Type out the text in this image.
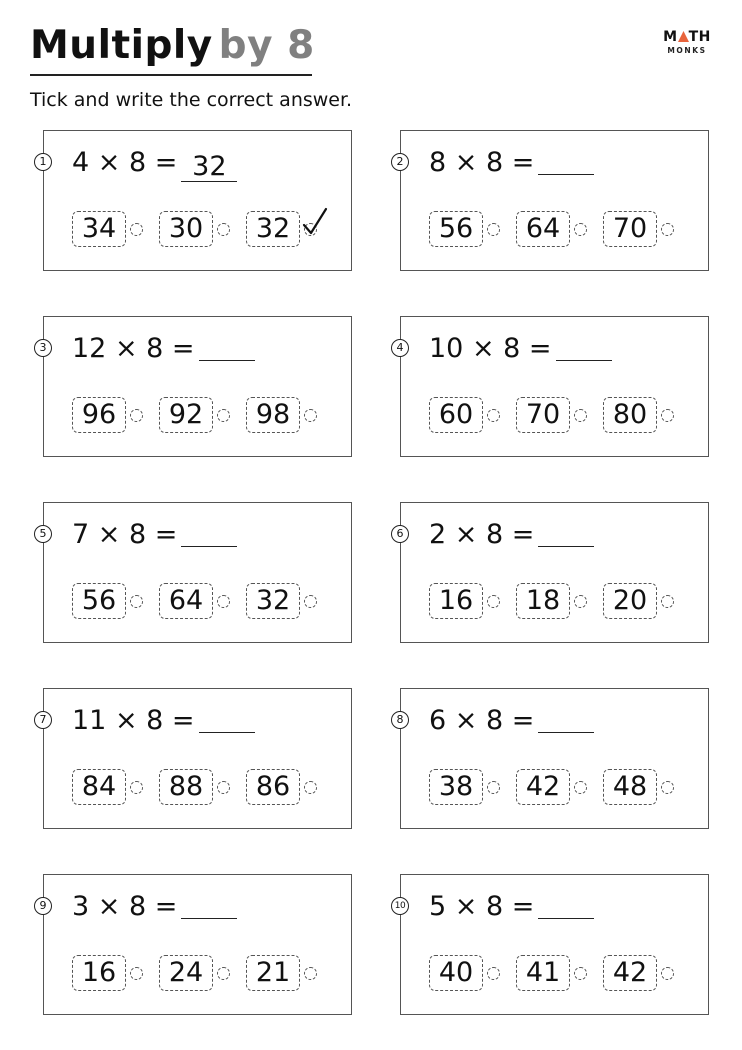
Multiply by 8	M TH
MONKS
Tick and write the correct answer.
1 4 × 8 = 32
34 30 32
2 8 × 8 =
56 64 70
3 12 × 8 =
96 92 98
4 10 × 8 =
60 70 80
5 7 × 8 =
56 64 32
6 2 × 8 =
16 18 20
7 11 × 8 =
84 88 86
8 6 × 8 =
38 42 48
9 3 × 8 =
16 24 21
10 5 × 8 =
40 41 42
